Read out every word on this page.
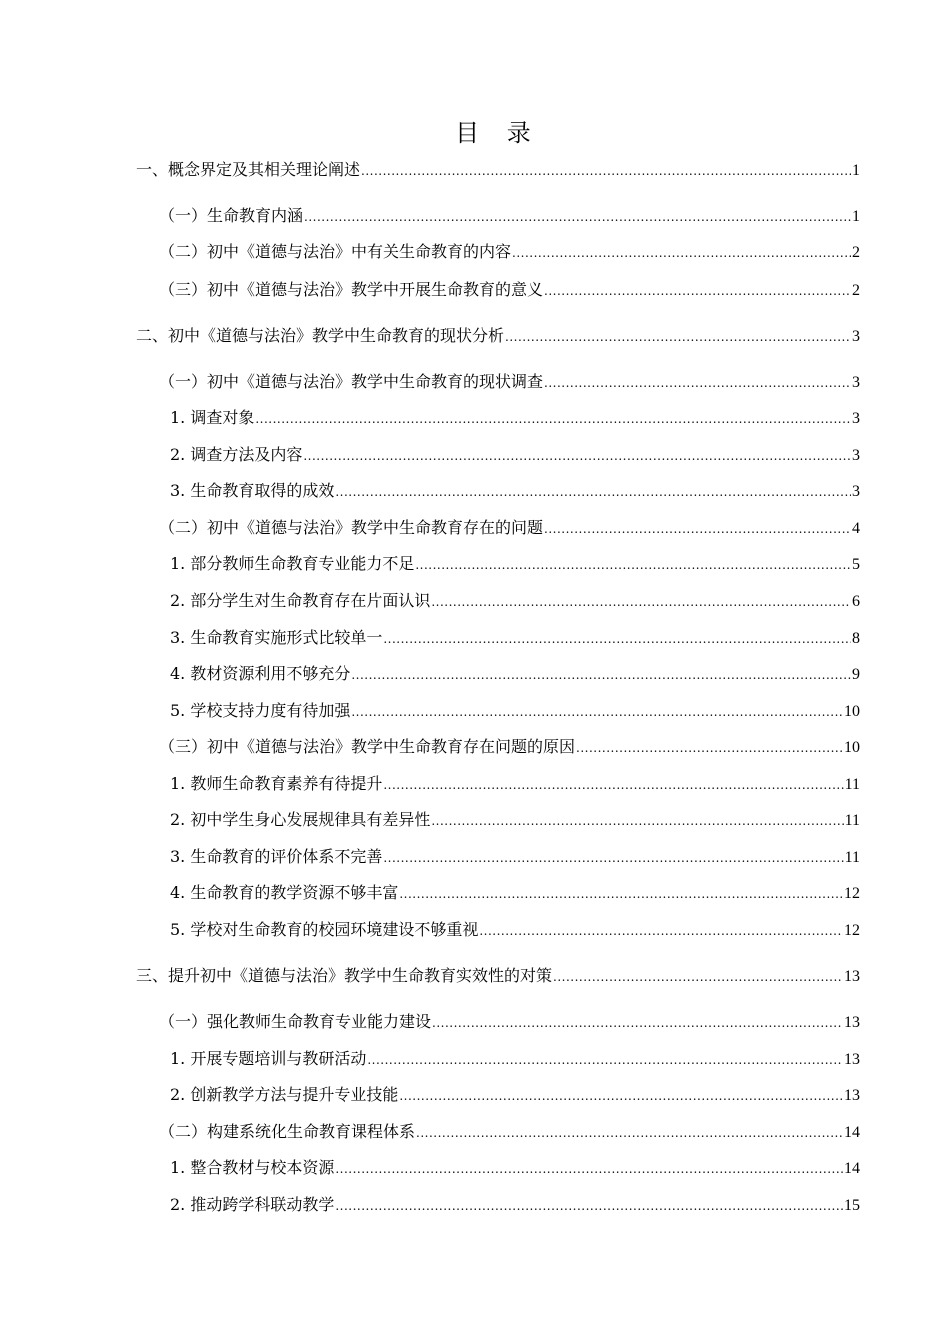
目 录
一、概念界定及其相关理论阐述 .....	1
（一）生命教育内涵 .....	1
（二）初中《道德与法治》中有关生命教育的内容 .....	2
（三）初中《道德与法治》教学中开展生命教育的意义 .....	2
二、初中《道德与法治》教学中生命教育的现状分析 .....	3
（一）初中《道德与法治》教学中生命教育的现状调查 .....	3
1. 调查对象 .....	3
2. 调查方法及内容 .....	3
3. 生命教育取得的成效 .....	3
（二）初中《道德与法治》教学中生命教育存在的问题 .....	4
1. 部分教师生命教育专业能力不足 .....	5
2. 部分学生对生命教育存在片面认识 .....	6
3. 生命教育实施形式比较单一 .....	8
4. 教材资源利用不够充分 .....	9
5. 学校支持力度有待加强 .....	10
（三）初中《道德与法治》教学中生命教育存在问题的原因 .....	10
1. 教师生命教育素养有待提升 .....	11
2. 初中学生身心发展规律具有差异性 .....	11
3. 生命教育的评价体系不完善 .....	11
4. 生命教育的教学资源不够丰富 .....	12
5. 学校对生命教育的校园环境建设不够重视 .....	12
三、提升初中《道德与法治》教学中生命教育实效性的对策 .....	13
（一）强化教师生命教育专业能力建设 .....	13
1. 开展专题培训与教研活动 .....	13
2. 创新教学方法与提升专业技能 .....	13
（二）构建系统化生命教育课程体系 .....	14
1. 整合教材与校本资源 .....	14
2. 推动跨学科联动教学 .....	15
